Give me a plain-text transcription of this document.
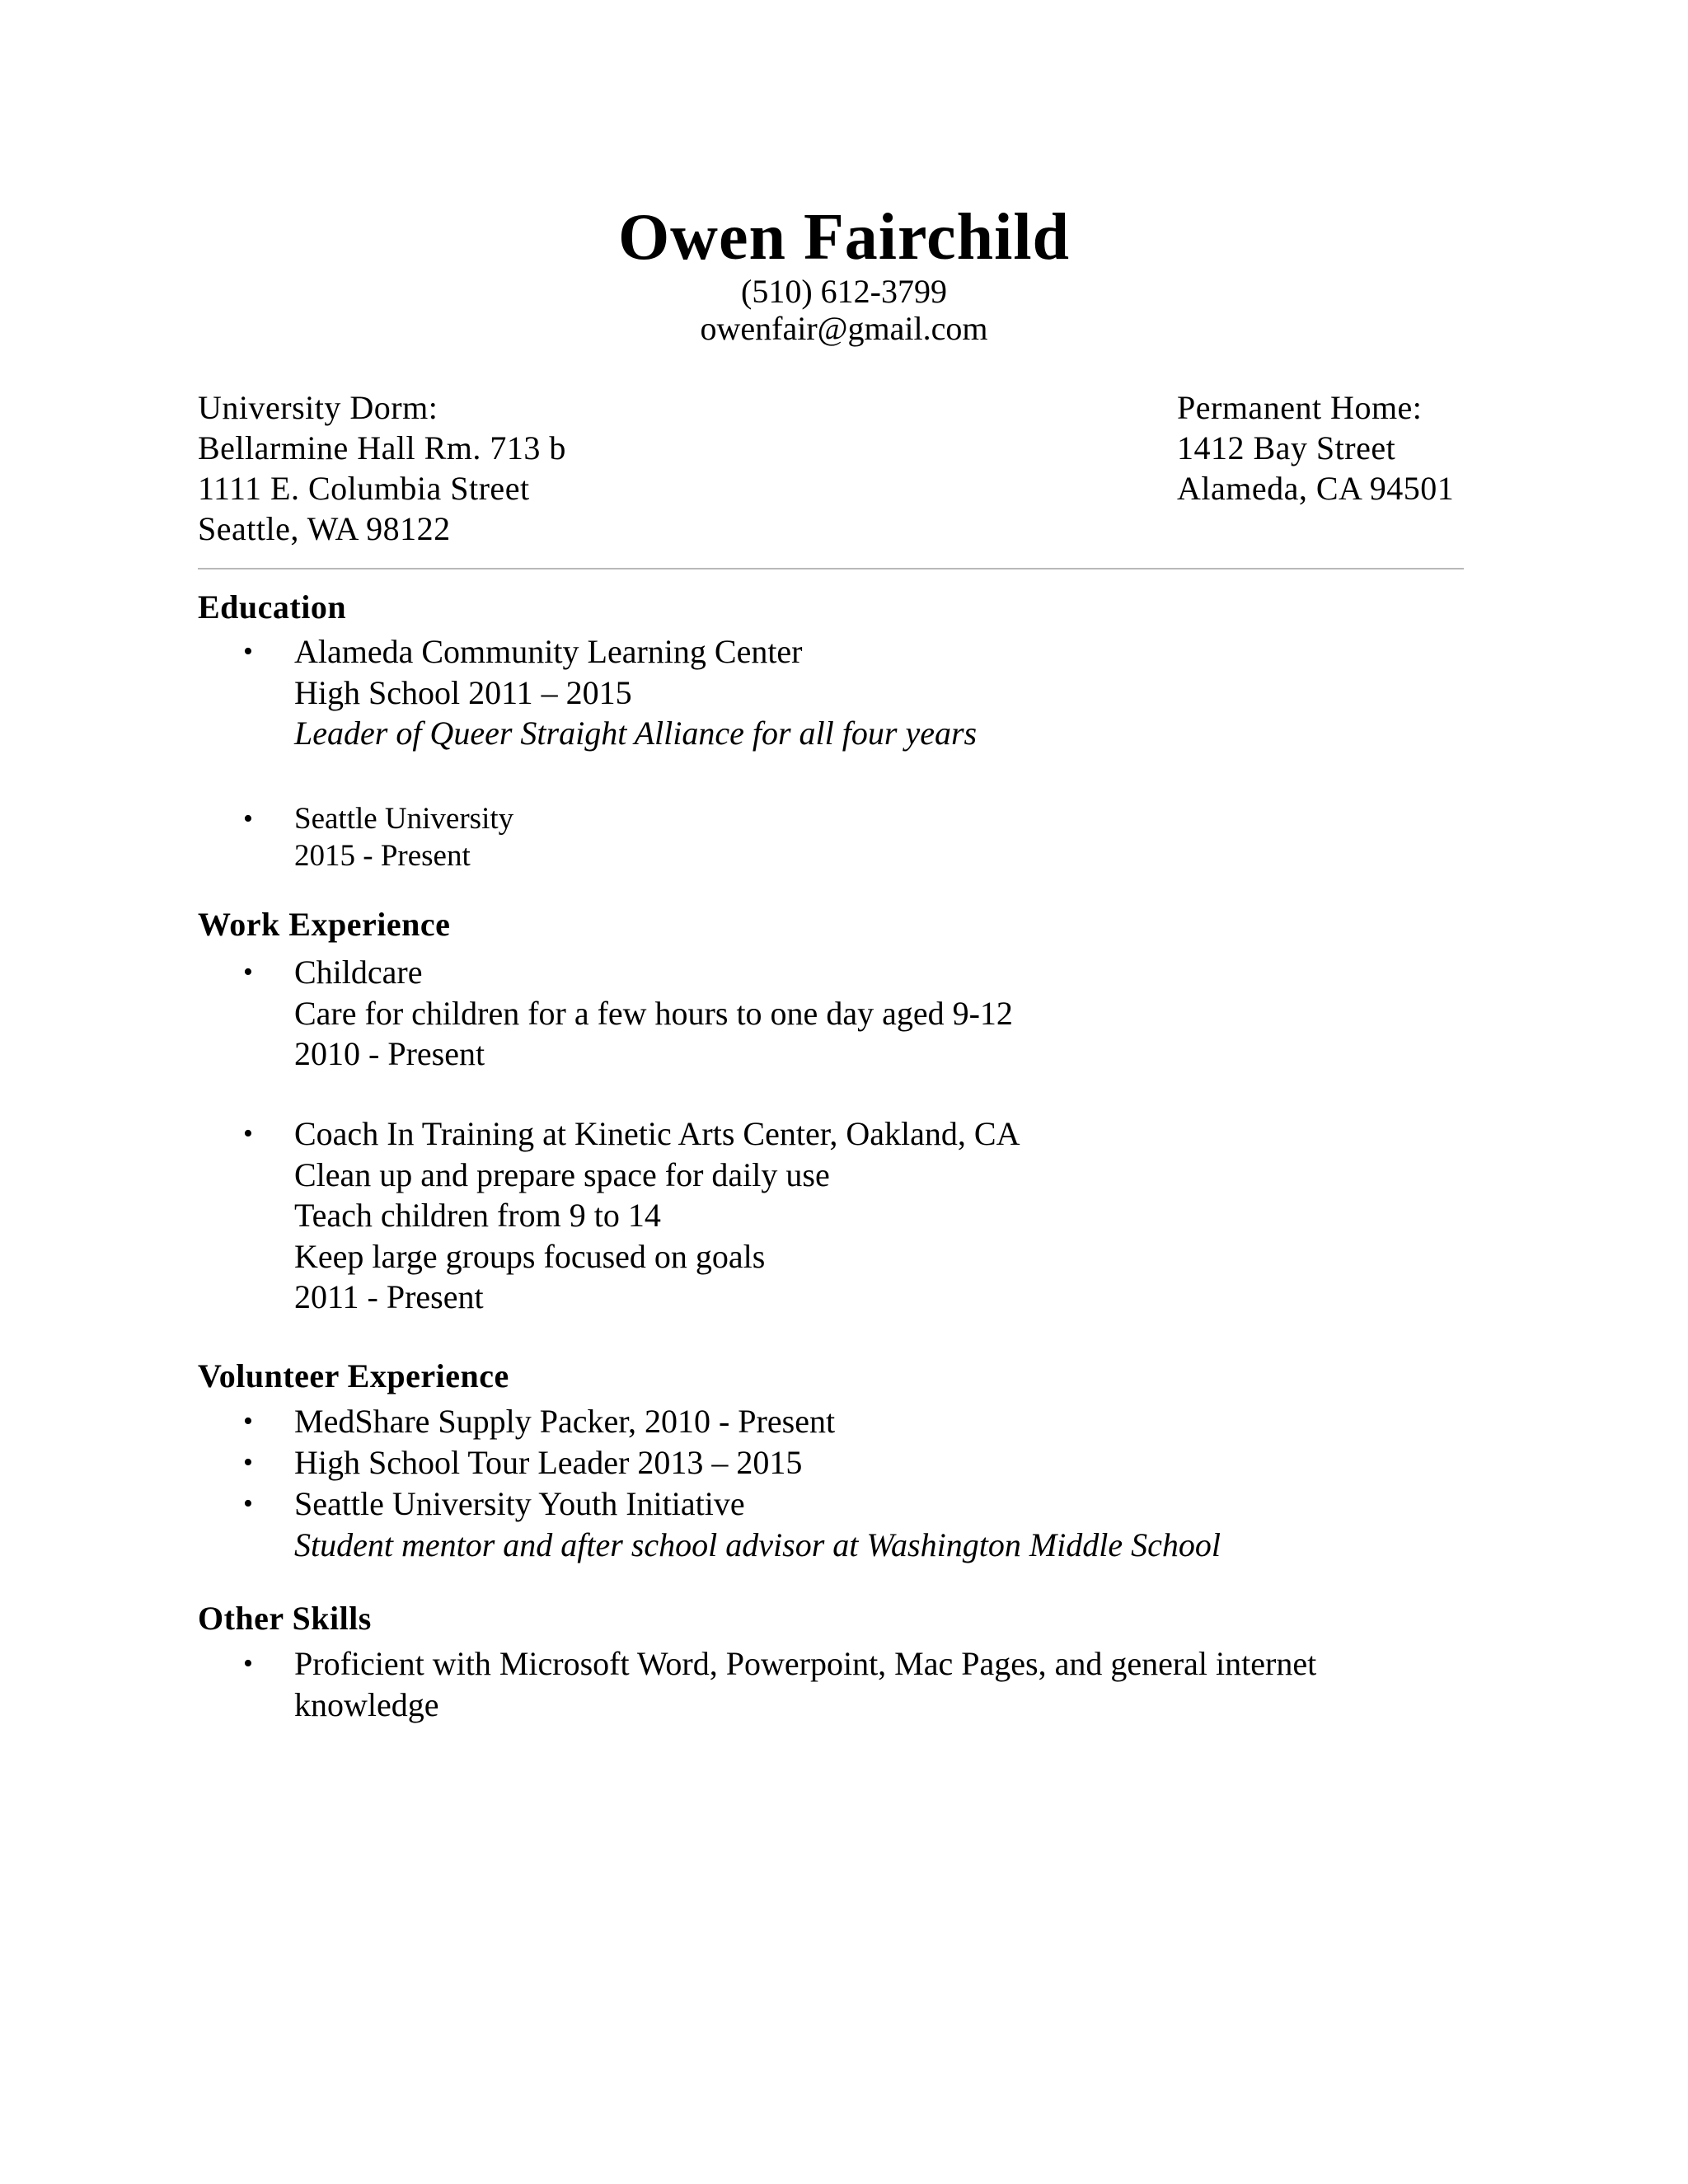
Owen Fairchild
(510) 612-3799
owenfair@gmail.com
University Dorm:
Bellarmine Hall Rm. 713 b
1111 E. Columbia Street
Seattle, WA 98122
Permanent Home:
1412 Bay Street
Alameda, CA 94501
Education
• Alameda Community Learning Center
High School 2011 – 2015
Leader of Queer Straight Alliance for all four years
• Seattle University
2015 - Present
Work Experience
• Childcare
Care for children for a few hours to one day aged 9-12
2010 - Present
• Coach In Training at Kinetic Arts Center, Oakland, CA
Clean up and prepare space for daily use
Teach children from 9 to 14
Keep large groups focused on goals
2011 - Present
Volunteer Experience
• MedShare Supply Packer, 2010 - Present
• High School Tour Leader 2013 – 2015
• Seattle University Youth Initiative
Student mentor and after school advisor at Washington Middle School
Other Skills
• Proficient with Microsoft Word, Powerpoint, Mac Pages, and general internet knowledge
